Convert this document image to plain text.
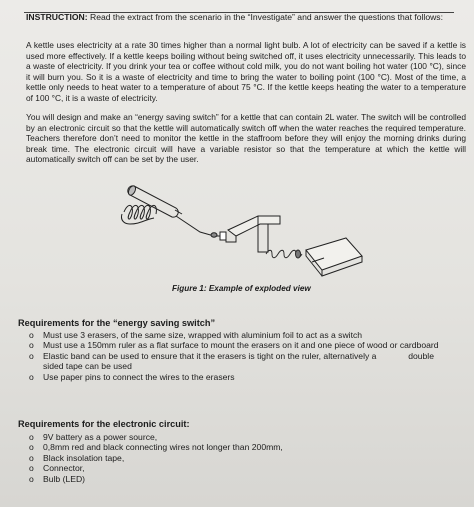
INSTRUCTION: Read the extract from the scenario in the “Investigate” and answer the questions that follows:
A kettle uses electricity at a rate 30 times higher than a normal light bulb. A lot of electricity can be saved if a kettle is used more effectively. If a kettle keeps boiling without being switched off, it uses electricity unnecessarily. This leads to a waste of electricity. If you drink your tea or coffee without cold milk, you do not want boiling hot water (100 °C), since it will burn you. So it is a waste of electricity and time to bring the water to boiling point (100 °C). Most of the time, a kettle only needs to heat water to a temperature of about 75 °C. If the kettle keeps heating the water to a temperature of 100 °C, it is a waste of electricity.
You will design and make an “energy saving switch” for a kettle that can contain 2L water. The switch will be controlled by an electronic circuit so that the kettle will automatically switch off when the water reaches the required temperature. Teachers therefore don’t need to monitor the kettle in the staffroom before they will enjoy the morning drinks during break time. The electronic circuit will have a variable resistor so that the temperature at which the kettle will automatically switch off can be set by the user.
Figure 1: Example of exploded view
Requirements for the “energy saving switch”
o Must use 3 erasers, of the same size, wrapped with aluminium foil to act as a switch
o Must use a 150mm ruler as a flat surface to mount the erasers on it and one piece of wood or cardboard
o Elastic band can be used to ensure that it the erasers is tight on the ruler, alternatively a	double

sided tape can be used
o Use paper pins to connect the wires to the erasers
Requirements for the electronic circuit:
o 9V battery as a power source,
o 0,8mm red and black connecting wires not longer than 200mm,
o Black insolation tape,
o Connector,
o Bulb (LED)
